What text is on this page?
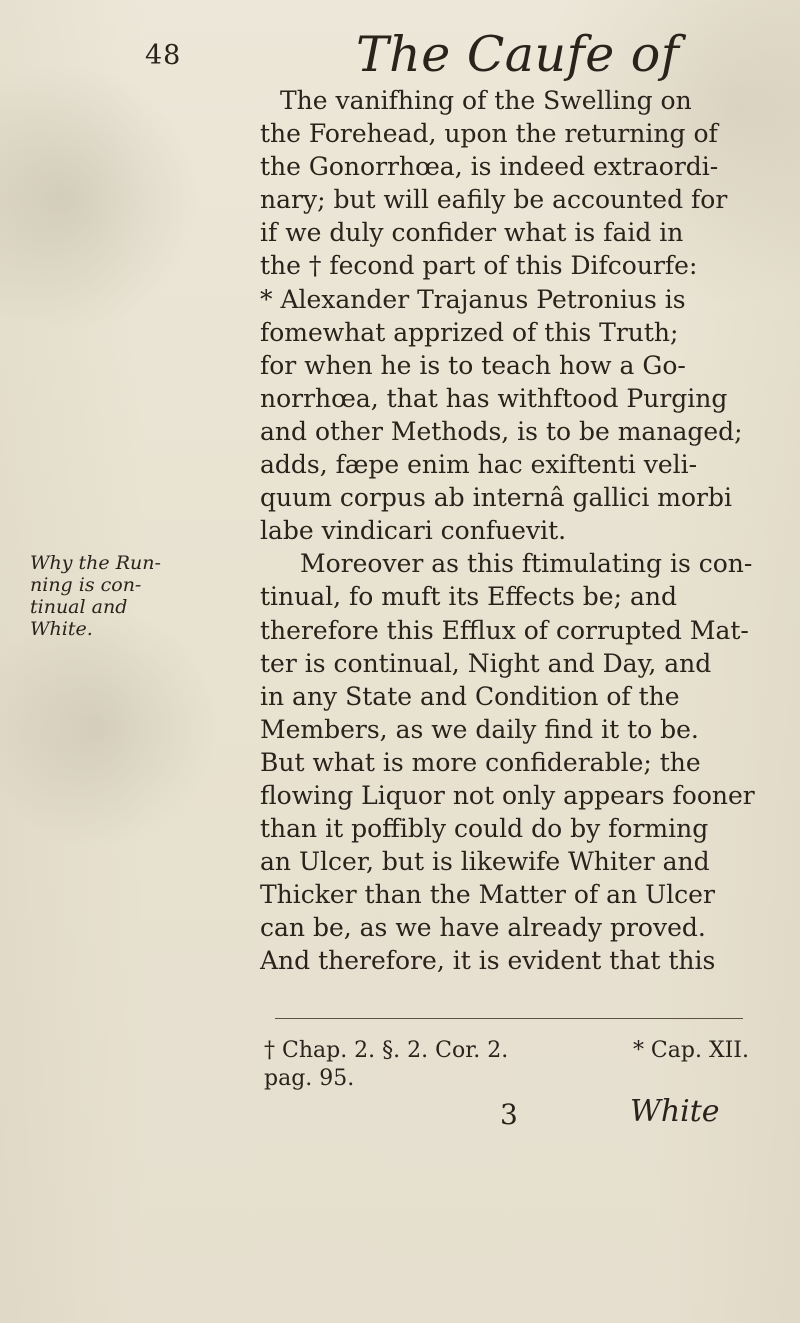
48	The Caufe of
The vanifhing of the Swelling on
the Forehead, upon the returning of
the Gonorrhœa, is indeed extraordi-
nary; but will eafily be accounted for
if we duly confider what is faid in
the † fecond part of this Difcourfe:
* Alexander Trajanus Petronius is
fomewhat apprized of this Truth;
for when he is to teach how a Go-
norrhœa, that has withftood Purging
and other Methods, is to be managed;
adds, fæpe enim hac exiftenti veli-
quum corpus ab internâ gallici morbi
labe vindicari confuevit.
Moreover as this ftimulating is con-
tinual, fo muft its Effects be; and
therefore this Efflux of corrupted Mat-
ter is continual, Night and Day, and
in any State and Condition of the
Members, as we daily find it to be.
But what is more confiderable; the
flowing Liquor not only appears fooner
than it poffibly could do by forming
an Ulcer, but is likewife Whiter and
Thicker than the Matter of an Ulcer
can be, as we have already proved.
And therefore, it is evident that this
Why the Run-
ning is con-
tinual and
White.
† Chap. 2. §. 2. Cor. 2.	* Cap. XII.
pag. 95.
3	White
